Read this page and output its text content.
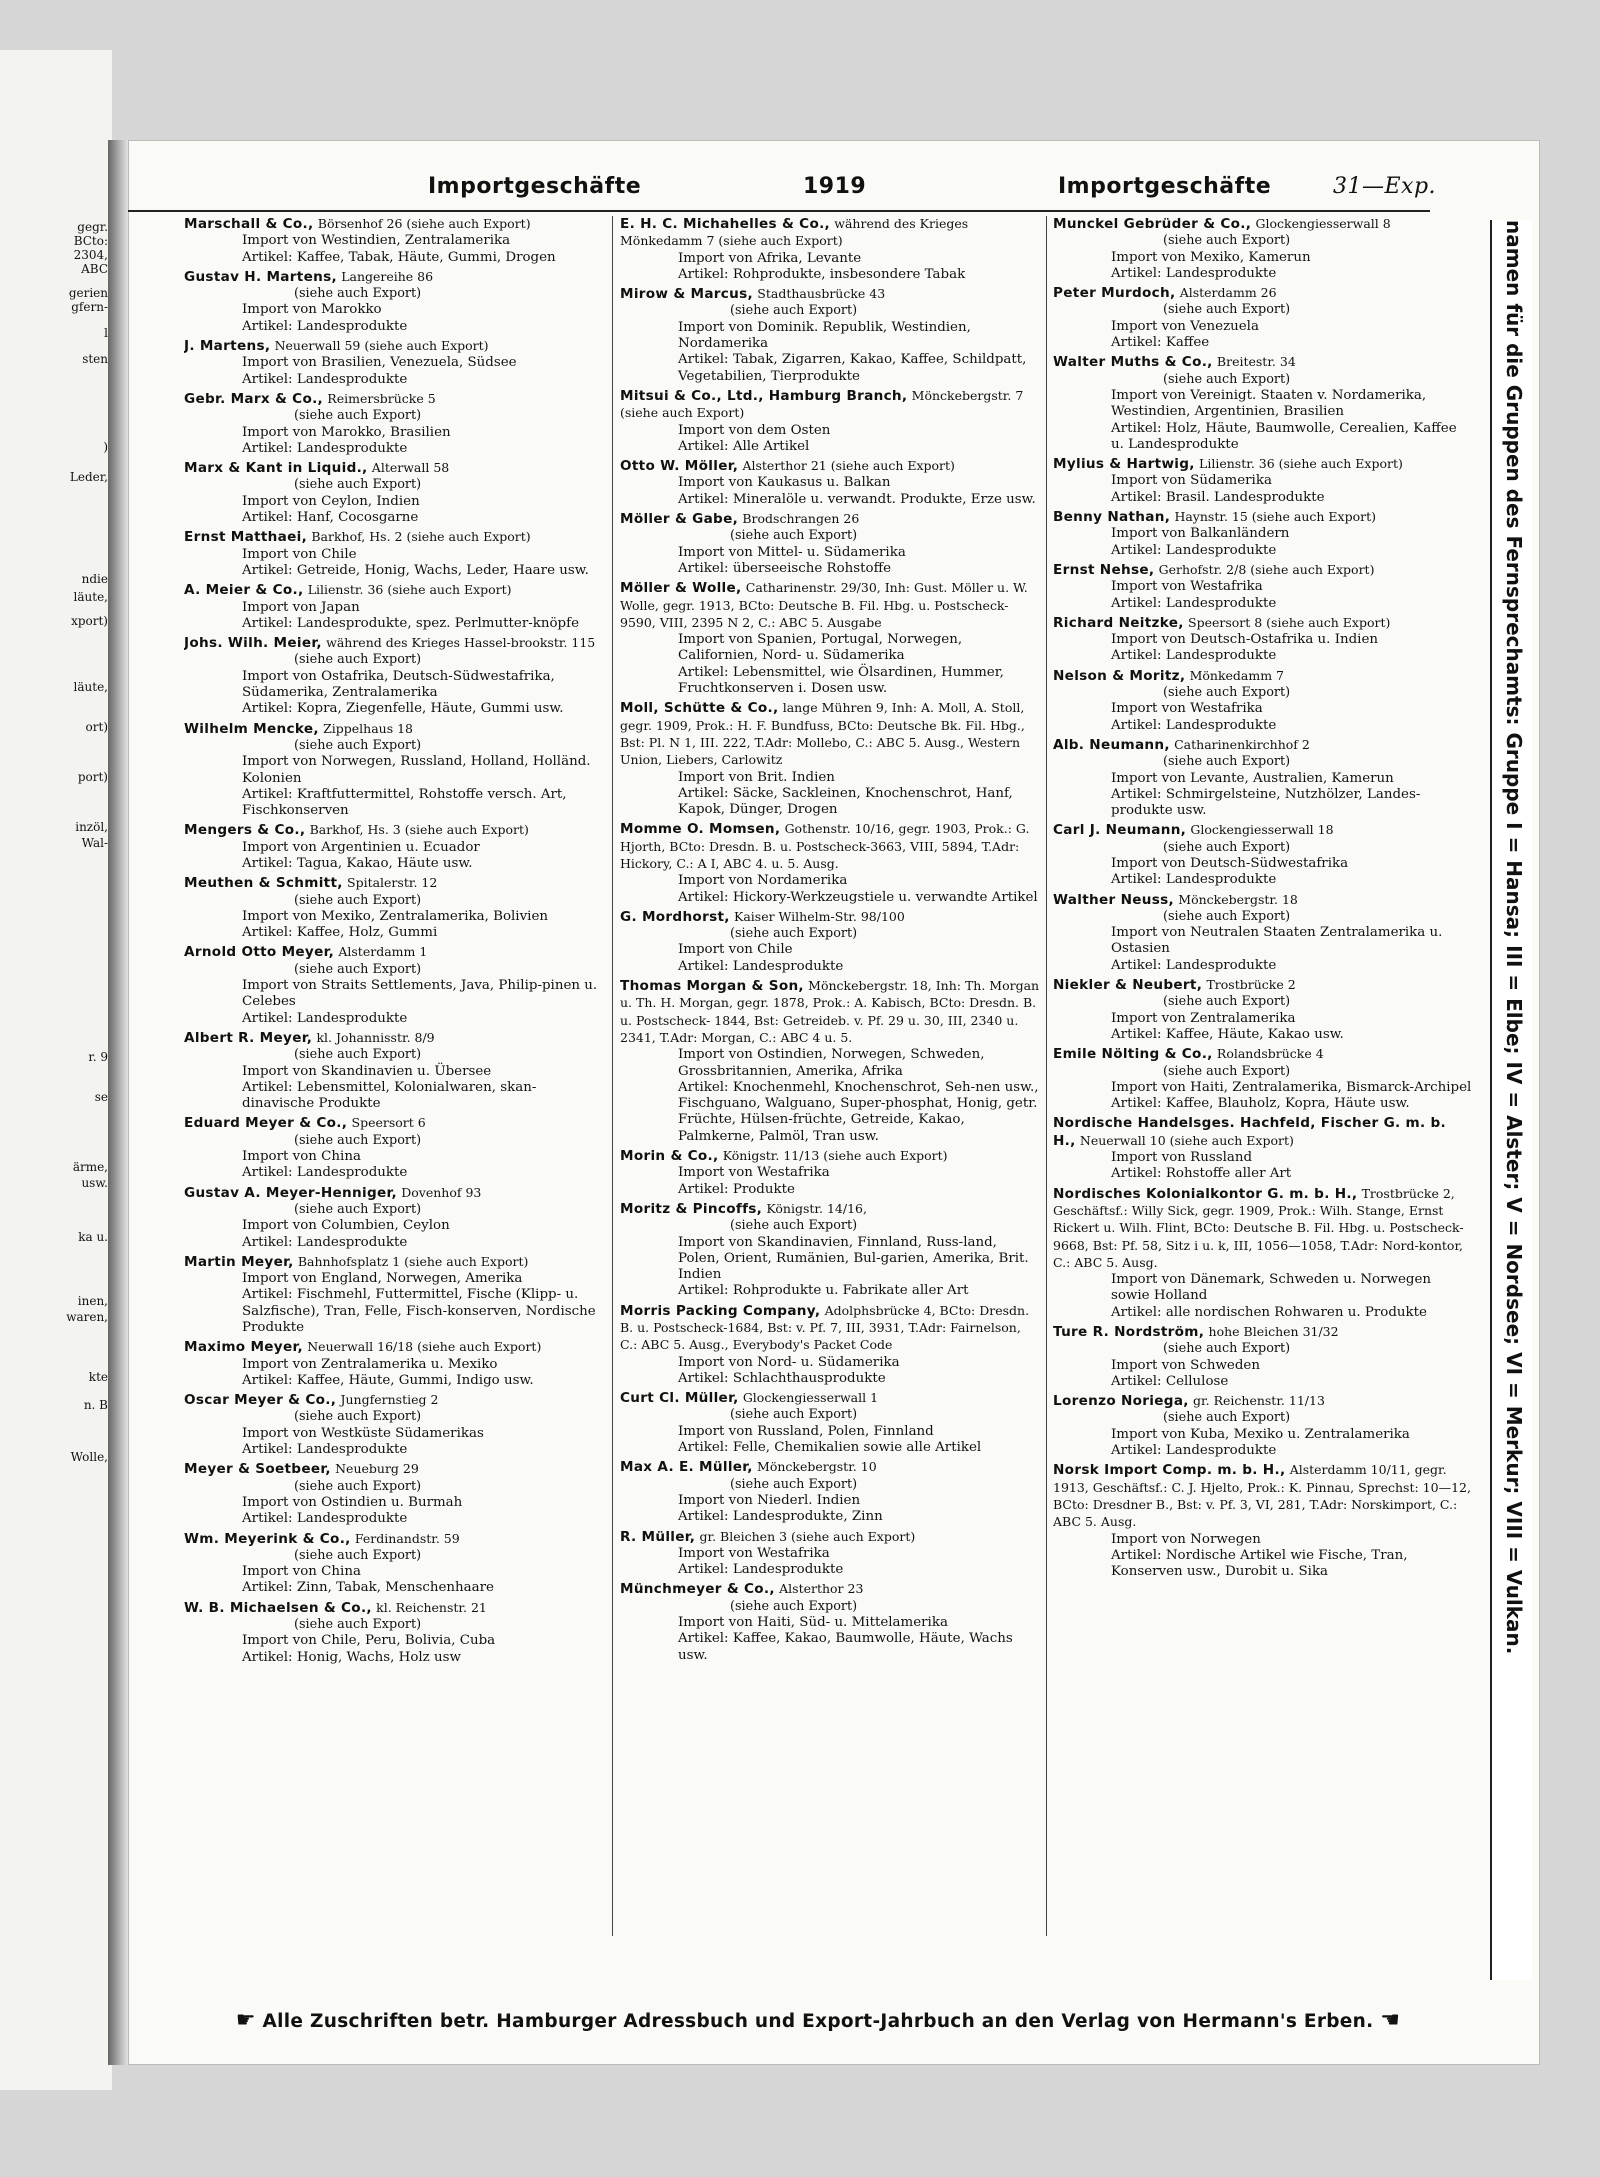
gegr.
BCto:
2304,
ABC
gerien
gfern-
l
sten
)
Leder,
ndie
läute,
xport)
läute,
ort)
port)
inzöl,
Wal-
r. 9
se
ärme,
usw.
ka u.
inen,
waren,
kte
n. B
Wolle,
Importgeschäfte	1919	Importgeschäfte	31—Exp.
Marschall & Co., Börsenhof 26 (siehe auch Export)
Import von Westindien, Zentralamerika
Artikel: Kaffee, Tabak, Häute, Gummi, Drogen
Gustav H. Martens, Langereihe 86
(siehe auch Export)
Import von Marokko
Artikel: Landesprodukte
J. Martens, Neuerwall 59 (siehe auch Export)
Import von Brasilien, Venezuela, Südsee
Artikel: Landesprodukte
Gebr. Marx & Co., Reimersbrücke 5
(siehe auch Export)
Import von Marokko, Brasilien
Artikel: Landesprodukte
Marx & Kant in Liquid., Alterwall 58
(siehe auch Export)
Import von Ceylon, Indien
Artikel: Hanf, Cocosgarne
Ernst Matthaei, Barkhof, Hs. 2 (siehe auch Export)
Import von Chile
Artikel: Getreide, Honig, Wachs, Leder, Haare usw.
A. Meier & Co., Lilienstr. 36 (siehe auch Export)
Import von Japan
Artikel: Landesprodukte, spez. Perlmutter-knöpfe
Johs. Wilh. Meier, während des Krieges Hassel-brookstr. 115
(siehe auch Export)
Import von Ostafrika, Deutsch-Südwestafrika, Südamerika, Zentralamerika
Artikel: Kopra, Ziegenfelle, Häute, Gummi usw.
Wilhelm Mencke, Zippelhaus 18
(siehe auch Export)
Import von Norwegen, Russland, Holland, Holländ. Kolonien
Artikel: Kraftfuttermittel, Rohstoffe versch. Art, Fischkonserven
Mengers & Co., Barkhof, Hs. 3 (siehe auch Export)
Import von Argentinien u. Ecuador
Artikel: Tagua, Kakao, Häute usw.
Meuthen & Schmitt, Spitalerstr. 12
(siehe auch Export)
Import von Mexiko, Zentralamerika, Bolivien
Artikel: Kaffee, Holz, Gummi
Arnold Otto Meyer, Alsterdamm 1
(siehe auch Export)
Import von Straits Settlements, Java, Philip-pinen u. Celebes
Artikel: Landesprodukte
Albert R. Meyer, kl. Johannisstr. 8/9
(siehe auch Export)
Import von Skandinavien u. Übersee
Artikel: Lebensmittel, Kolonialwaren, skan-dinavische Produkte
Eduard Meyer & Co., Speersort 6
(siehe auch Export)
Import von China
Artikel: Landesprodukte
Gustav A. Meyer-Henniger, Dovenhof 93
(siehe auch Export)
Import von Columbien, Ceylon
Artikel: Landesprodukte
Martin Meyer, Bahnhofsplatz 1 (siehe auch Export)
Import von England, Norwegen, Amerika
Artikel: Fischmehl, Futtermittel, Fische (Klipp- u. Salzfische), Tran, Felle, Fisch-konserven, Nordische Produkte
Maximo Meyer, Neuerwall 16/18 (siehe auch Export)
Import von Zentralamerika u. Mexiko
Artikel: Kaffee, Häute, Gummi, Indigo usw.
Oscar Meyer & Co., Jungfernstieg 2
(siehe auch Export)
Import von Westküste Südamerikas
Artikel: Landesprodukte
Meyer & Soetbeer, Neueburg 29
(siehe auch Export)
Import von Ostindien u. Burmah
Artikel: Landesprodukte
Wm. Meyerink & Co., Ferdinandstr. 59
(siehe auch Export)
Import von China
Artikel: Zinn, Tabak, Menschenhaare
W. B. Michaelsen & Co., kl. Reichenstr. 21
(siehe auch Export)
Import von Chile, Peru, Bolivia, Cuba
Artikel: Honig, Wachs, Holz usw
E. H. C. Michahelles & Co., während des Krieges Mönkedamm 7 (siehe auch Export)
Import von Afrika, Levante
Artikel: Rohprodukte, insbesondere Tabak
Mirow & Marcus, Stadthausbrücke 43
(siehe auch Export)
Import von Dominik. Republik, Westindien, Nordamerika
Artikel: Tabak, Zigarren, Kakao, Kaffee, Schildpatt, Vegetabilien, Tierprodukte
Mitsui & Co., Ltd., Hamburg Branch, Mönckebergstr. 7 (siehe auch Export)
Import von dem Osten
Artikel: Alle Artikel
Otto W. Möller, Alsterthor 21 (siehe auch Export)
Import von Kaukasus u. Balkan
Artikel: Mineralöle u. verwandt. Produkte, Erze usw.
Möller & Gabe, Brodschrangen 26
(siehe auch Export)
Import von Mittel- u. Südamerika
Artikel: überseeische Rohstoffe
Möller & Wolle, Catharinenstr. 29/30, Inh: Gust. Möller u. W. Wolle, gegr. 1913, BCto: Deutsche B. Fil. Hbg. u. Postscheck- 9590, VIII, 2395 N 2, C.: ABC 5. Ausgabe
Import von Spanien, Portugal, Norwegen, Californien, Nord- u. Südamerika
Artikel: Lebensmittel, wie Ölsardinen, Hummer, Fruchtkonserven i. Dosen usw.
Moll, Schütte & Co., lange Mühren 9, Inh: A. Moll, A. Stoll, gegr. 1909, Prok.: H. F. Bundfuss, BCto: Deutsche Bk. Fil. Hbg., Bst: Pl. N 1, III. 222, T.Adr: Mollebo, C.: ABC 5. Ausg., Western Union, Liebers, Carlowitz
Import von Brit. Indien
Artikel: Säcke, Sackleinen, Knochenschrot, Hanf, Kapok, Dünger, Drogen
Momme O. Momsen, Gothenstr. 10/16, gegr. 1903, Prok.: G. Hjorth, BCto: Dresdn. B. u. Postscheck-3663, VIII, 5894, T.Adr: Hickory, C.: A I, ABC 4. u. 5. Ausg.
Import von Nordamerika
Artikel: Hickory-Werkzeugstiele u. verwandte Artikel
G. Mordhorst, Kaiser Wilhelm-Str. 98/100
(siehe auch Export)
Import von Chile
Artikel: Landesprodukte
Thomas Morgan & Son, Mönckebergstr. 18, Inh: Th. Morgan u. Th. H. Morgan, gegr. 1878, Prok.: A. Kabisch, BCto: Dresdn. B. u. Postscheck- 1844, Bst: Getreideb. v. Pf. 29 u. 30, III, 2340 u. 2341, T.Adr: Morgan, C.: ABC 4 u. 5.
Import von Ostindien, Norwegen, Schweden, Grossbritannien, Amerika, Afrika
Artikel: Knochenmehl, Knochenschrot, Seh-nen usw., Fischguano, Walguano, Super-phosphat, Honig, getr. Früchte, Hülsen-früchte, Getreide, Kakao, Palmkerne, Palmöl, Tran usw.
Morin & Co., Königstr. 11/13 (siehe auch Export)
Import von Westafrika
Artikel: Produkte
Moritz & Pincoffs, Königstr. 14/16,
(siehe auch Export)
Import von Skandinavien, Finnland, Russ-land, Polen, Orient, Rumänien, Bul-garien, Amerika, Brit. Indien
Artikel: Rohprodukte u. Fabrikate aller Art
Morris Packing Company, Adolphsbrücke 4, BCto: Dresdn. B. u. Postscheck-1684, Bst: v. Pf. 7, III, 3931, T.Adr: Fairnelson, C.: ABC 5. Ausg., Everybody's Packet Code
Import von Nord- u. Südamerika
Artikel: Schlachthausprodukte
Curt Cl. Müller, Glockengiesserwall 1
(siehe auch Export)
Import von Russland, Polen, Finnland
Artikel: Felle, Chemikalien sowie alle Artikel
Max A. E. Müller, Mönckebergstr. 10
(siehe auch Export)
Import von Niederl. Indien
Artikel: Landesprodukte, Zinn
R. Müller, gr. Bleichen 3 (siehe auch Export)
Import von Westafrika
Artikel: Landesprodukte
Münchmeyer & Co., Alsterthor 23
(siehe auch Export)
Import von Haiti, Süd- u. Mittelamerika
Artikel: Kaffee, Kakao, Baumwolle, Häute, Wachs usw.
Munckel Gebrüder & Co., Glockengiesserwall 8
(siehe auch Export)
Import von Mexiko, Kamerun
Artikel: Landesprodukte
Peter Murdoch, Alsterdamm 26
(siehe auch Export)
Import von Venezuela
Artikel: Kaffee
Walter Muths & Co., Breitestr. 34
(siehe auch Export)
Import von Vereinigt. Staaten v. Nordamerika, Westindien, Argentinien, Brasilien
Artikel: Holz, Häute, Baumwolle, Cerealien, Kaffee u. Landesprodukte
Mylius & Hartwig, Lilienstr. 36 (siehe auch Export)
Import von Südamerika
Artikel: Brasil. Landesprodukte
Benny Nathan, Haynstr. 15 (siehe auch Export)
Import von Balkanländern
Artikel: Landesprodukte
Ernst Nehse, Gerhofstr. 2/8 (siehe auch Export)
Import von Westafrika
Artikel: Landesprodukte
Richard Neitzke, Speersort 8 (siehe auch Export)
Import von Deutsch-Ostafrika u. Indien
Artikel: Landesprodukte
Nelson & Moritz, Mönkedamm 7
(siehe auch Export)
Import von Westafrika
Artikel: Landesprodukte
Alb. Neumann, Catharinenkirchhof 2
(siehe auch Export)
Import von Levante, Australien, Kamerun
Artikel: Schmirgelsteine, Nutzhölzer, Landes-produkte usw.
Carl J. Neumann, Glockengiesserwall 18
(siehe auch Export)
Import von Deutsch-Südwestafrika
Artikel: Landesprodukte
Walther Neuss, Mönckebergstr. 18
(siehe auch Export)
Import von Neutralen Staaten Zentralamerika u. Ostasien
Artikel: Landesprodukte
Niekler & Neubert, Trostbrücke 2
(siehe auch Export)
Import von Zentralamerika
Artikel: Kaffee, Häute, Kakao usw.
Emile Nölting & Co., Rolandsbrücke 4
(siehe auch Export)
Import von Haiti, Zentralamerika, Bismarck-Archipel
Artikel: Kaffee, Blauholz, Kopra, Häute usw.
Nordische Handelsges. Hachfeld, Fischer G. m. b. H., Neuerwall 10 (siehe auch Export)
Import von Russland
Artikel: Rohstoffe aller Art
Nordisches Kolonialkontor G. m. b. H., Trostbrücke 2, Geschäftsf.: Willy Sick, gegr. 1909, Prok.: Wilh. Stange, Ernst Rickert u. Wilh. Flint, BCto: Deutsche B. Fil. Hbg. u. Postscheck- 9668, Bst: Pf. 58, Sitz i u. k, III, 1056—1058, T.Adr: Nord-kontor, C.: ABC 5. Ausg.
Import von Dänemark, Schweden u. Norwegen sowie Holland
Artikel: alle nordischen Rohwaren u. Produkte
Ture R. Nordström, hohe Bleichen 31/32
(siehe auch Export)
Import von Schweden
Artikel: Cellulose
Lorenzo Noriega, gr. Reichenstr. 11/13
(siehe auch Export)
Import von Kuba, Mexiko u. Zentralamerika
Artikel: Landesprodukte
Norsk Import Comp. m. b. H., Alsterdamm 10/11, gegr. 1913, Geschäftsf.: C. J. Hjelto, Prok.: K. Pinnau, Sprechst: 10—12, BCto: Dresdner B., Bst: v. Pf. 3, VI, 281, T.Adr: Norskimport, C.: ABC 5. Ausg.
Import von Norwegen
Artikel: Nordische Artikel wie Fische, Tran, Konserven usw., Durobit u. Sika	namen für die Gruppen des Fernsprechamts: Gruppe I = Hansa; III = Elbe; IV = Alster; V = Nordsee; VI = Merkur; VIII = Vulkan.
☛ Alle Zuschriften betr. Hamburger Adressbuch und Export-Jahrbuch an den Verlag von Hermann's Erben. ☚
